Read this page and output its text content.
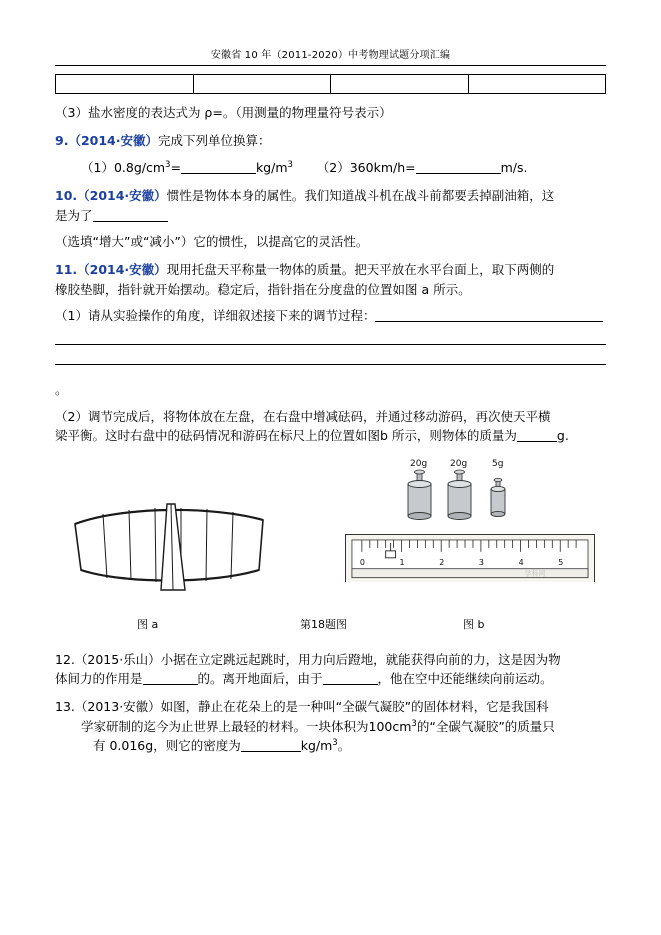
安徽省 10 年（2011-2020）中考物理试题分项汇编

（3）盐水密度的表达式为 ρ=。（用测量的物理量符号表示）
9.（2014·安徽）完成下列单位换算：
$(1)0.8g/cm^3=$	$kg/m^3$ （2）360km/h=	m/s.
10.（2014·安徽）惯性是物体本身的属性。我们知道战斗机在战斗前都要丢掉副油箱，这
是为了
（选填“增大”或“减小”）它的惯性，以提高它的灵活性。
11.（2014·安徽）现用托盘天平称量一物体的质量。把天平放在水平台面上，取下两侧的
橡胶垫脚，指针就开始摆动。稳定后，指针指在分度盘的位置如图 a 所示。
（1）请从实验操作的角度，详细叙述接下来的调节过程：
。
（2）调节完成后，将物体放在左盘，在右盘中增减砝码，并通过移动游码，再次使天平横
梁平衡。这时右盘中的砝码情况和游码在标尺上的位置如图b 所示，则物体的质量为	g.
20g	20g	5g
0	1	2	3	4	5
学科网
图 a	第18题图	图 b
12.（2015·乐山）小据在立定跳远起跳时，用力向后蹬地，就能获得向前的力，这是因为物
体间力的作用是	的。离开地面后，由于	，他在空中还能继续向前运动。
13.（2013·安徽）如图，静止在花朵上的是一种叫“全碳气凝胶”的固体材料，它是我国科
学家研制的迄今为止世界上最轻的材料。一块体积为$100cm^3$的“全碳气凝胶”的质量只
有 0.016g，则它的密度为	$kg/m^3$。
